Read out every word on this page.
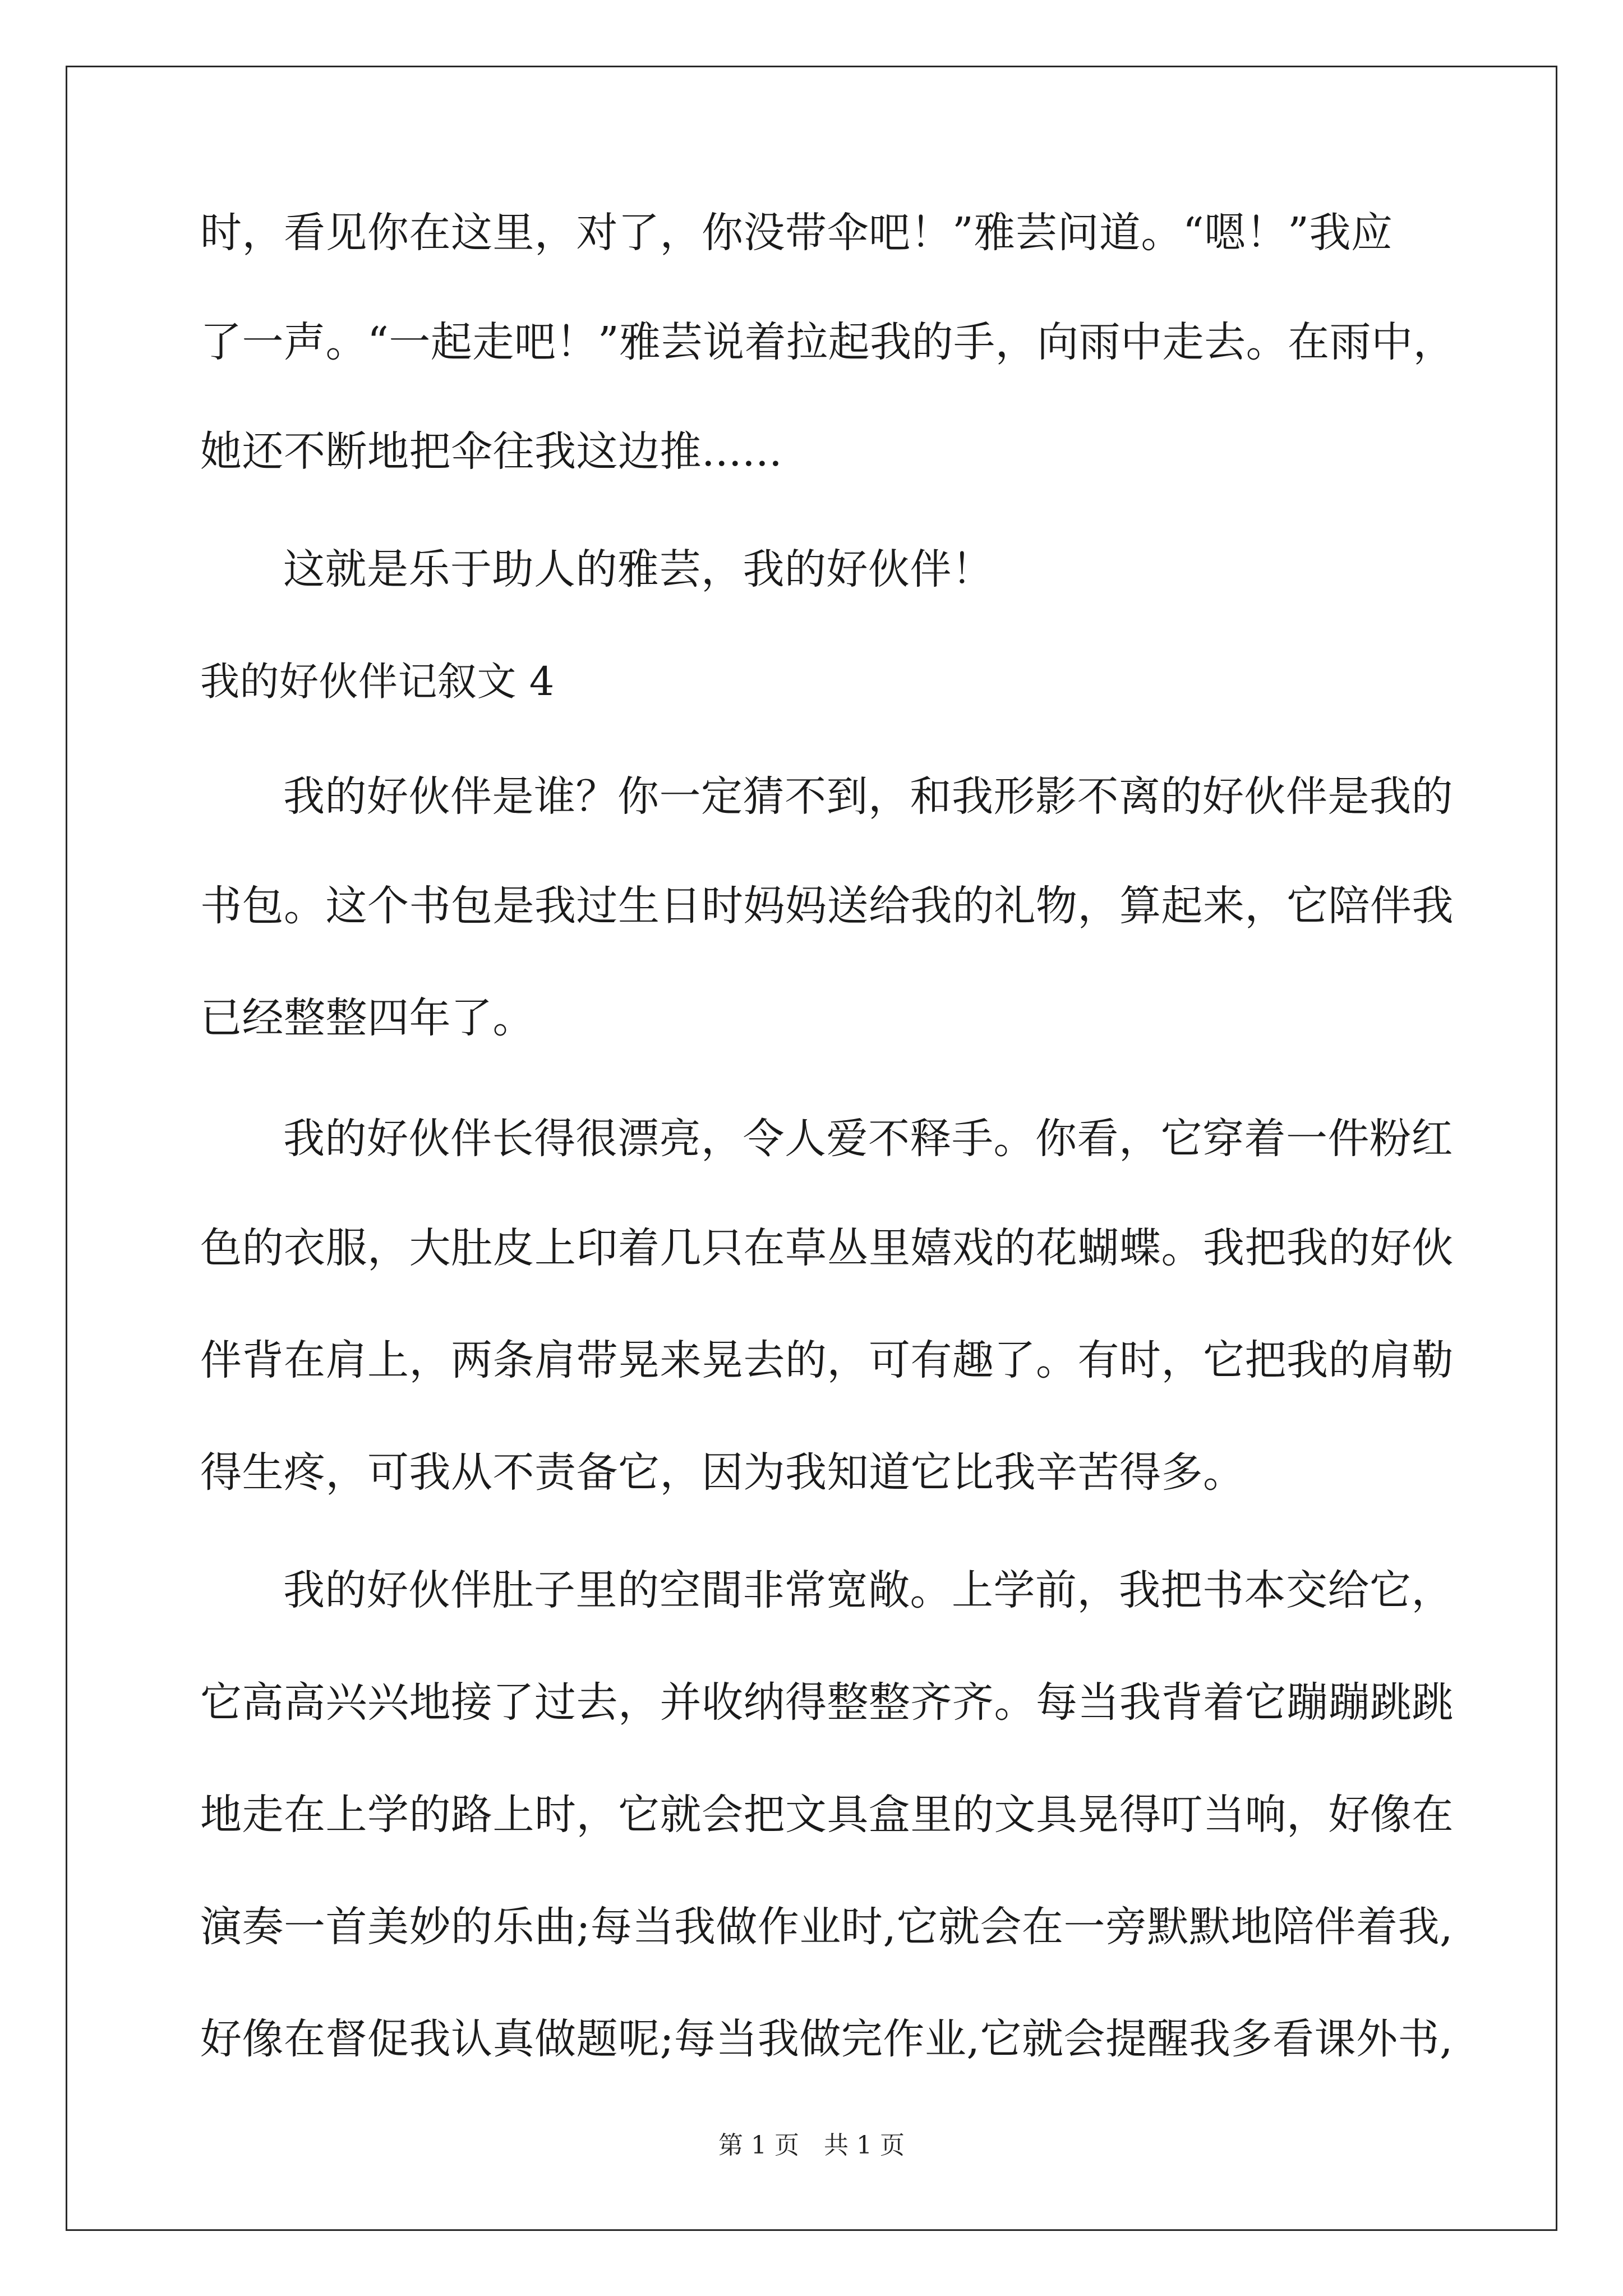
时，看见你在这里，对了，你没带伞吧！”雅芸问道。“嗯！”我应
了一声。“一起走吧！”雅芸说着拉起我的手，向雨中走去。在雨中，
她还不断地把伞往我这边推......
这就是乐于助人的雅芸，我的好伙伴！
我的好伙伴记叙文 4
我的好伙伴是谁？你一定猜不到，和我形影不离的好伙伴是我的
书包。这个书包是我过生日时妈妈送给我的礼物，算起来，它陪伴我
已经整整四年了。
我的好伙伴长得很漂亮，令人爱不释手。你看，它穿着一件粉红
色的衣服，大肚皮上印着几只在草丛里嬉戏的花蝴蝶。我把我的好伙
伴背在肩上，两条肩带晃来晃去的，可有趣了。有时，它把我的肩勒
得生疼，可我从不责备它，因为我知道它比我辛苦得多。
我的好伙伴肚子里的空間非常宽敞。上学前，我把书本交给它，
它高高兴兴地接了过去，并收纳得整整齐齐。每当我背着它蹦蹦跳跳
地走在上学的路上时，它就会把文具盒里的文具晃得叮当响，好像在
演奏一首美妙的乐曲;每当我做作业时,它就会在一旁默默地陪伴着我,
好像在督促我认真做题呢;每当我做完作业,它就会提醒我多看课外书,
第 1 页　共 1 页
